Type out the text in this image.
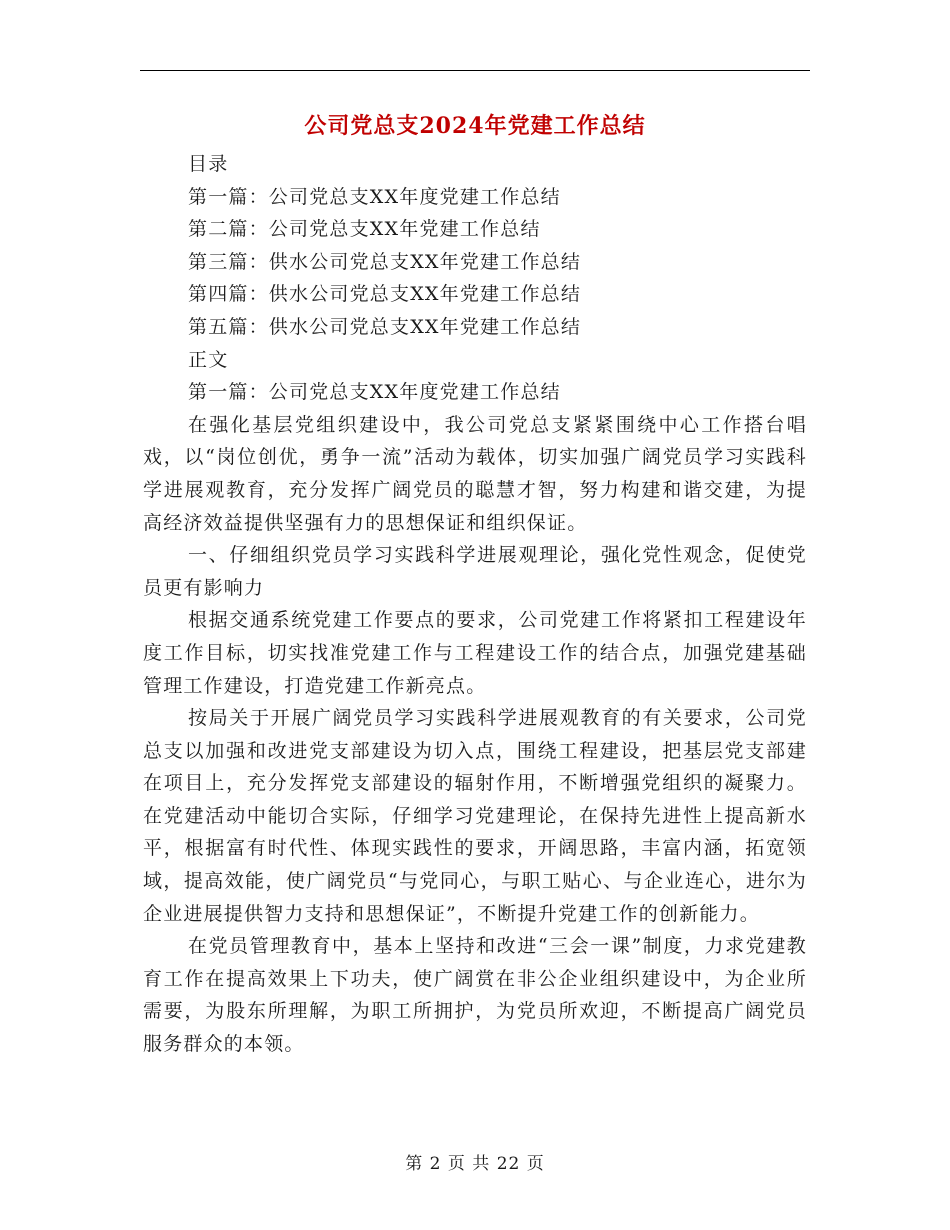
公司党总支2024年党建工作总结

目录

第一篇：公司党总支XX年度党建工作总结

第二篇：公司党总支XX年党建工作总结

第三篇：供水公司党总支XX年党建工作总结

第四篇：供水公司党总支XX年党建工作总结

第五篇：供水公司党总支XX年党建工作总结

正文

第一篇：公司党总支XX年度党建工作总结

在强化基层党组织建设中，我公司党总支紧紧围绕中心工作搭台唱戏，以“岗位创优，勇争一流”活动为载体，切实加强广阔党员学习实践科学进展观教育，充分发挥广阔党员的聪慧才智，努力构建和谐交建，为提高经济效益提供坚强有力的思想保证和组织保证。

一、仔细组织党员学习实践科学进展观理论，强化党性观念，促使党员更有影响力

根据交通系统党建工作要点的要求，公司党建工作将紧扣工程建设年度工作目标，切实找准党建工作与工程建设工作的结合点，加强党建基础管理工作建设，打造党建工作新亮点。

按局关于开展广阔党员学习实践科学进展观教育的有关要求，公司党总支以加强和改进党支部建设为切入点，围绕工程建设，把基层党支部建在项目上，充分发挥党支部建设的辐射作用，不断增强党组织的凝聚力。在党建活动中能切合实际，仔细学习党建理论，在保持先进性上提高新水平，根据富有时代性、体现实践性的要求，开阔思路，丰富内涵，拓宽领域，提高效能，使广阔党员“与党同心，与职工贴心、与企业连心，进尔为企业进展提供智力支持和思想保证”，不断提升党建工作的创新能力。

在党员管理教育中，基本上坚持和改进“三会一课”制度，力求党建教育工作在提高效果上下功夫，使广阔赏在非公企业组织建设中，为企业所需要，为股东所理解，为职工所拥护，为党员所欢迎，不断提高广阔党员服务群众的本领。

第 2 页 共 22 页
